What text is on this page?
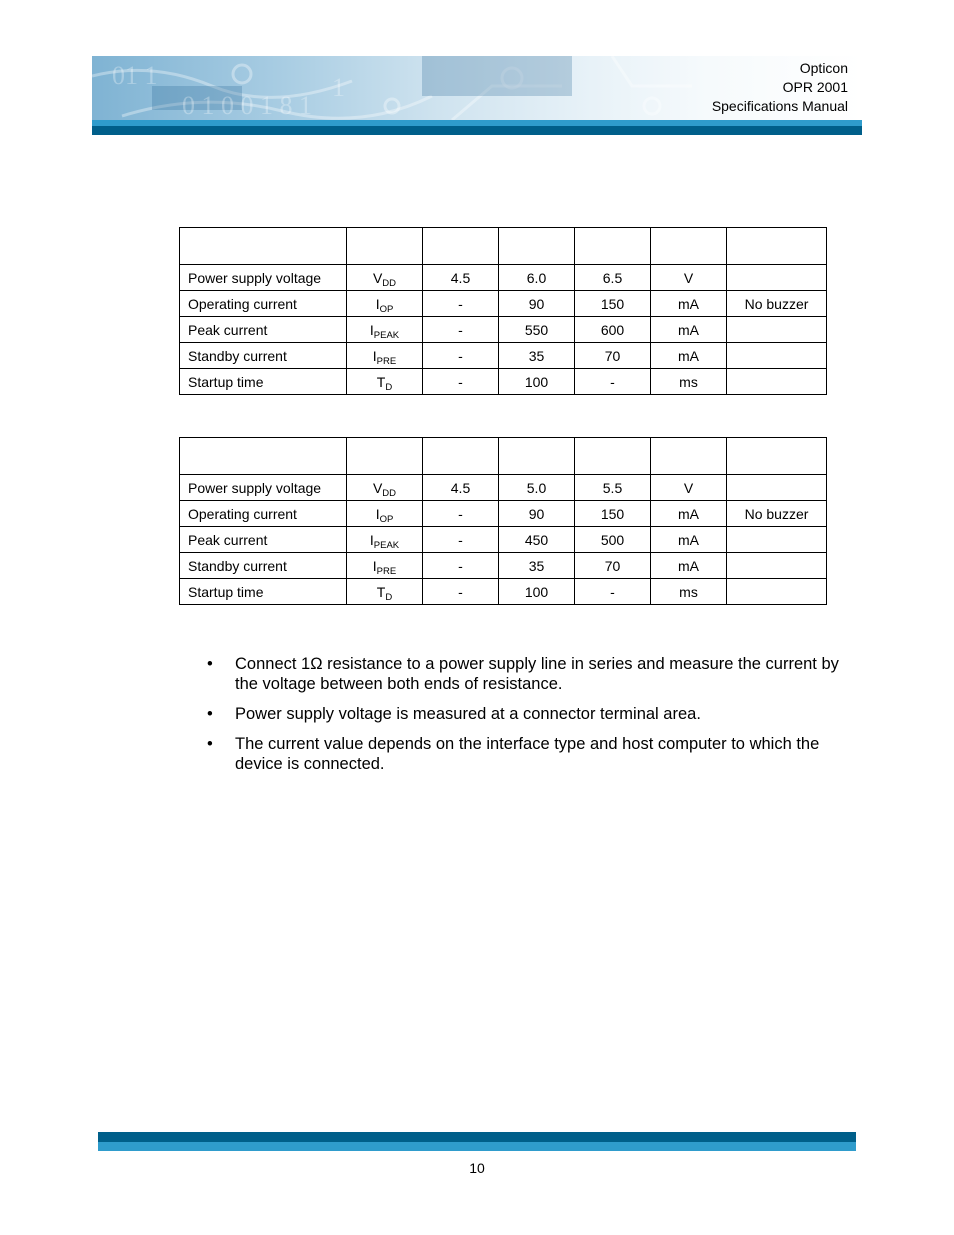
01 1
0 1 0 0 1 8 1
1
Opticon
OPR 2001
Specifications Manual

Power supply voltage	$V_{DD}$	4.5	6.0	6.5	V	
Operating current	$I_{OP}$	-	90	150	mA	No buzzer
Peak current	$I_{PEAK}$	-	550	600	mA	
Standby current	$I_{PRE}$	-	35	70	mA	
Startup time	$T_D$	-	100	-	ms	

Power supply voltage	$V_{DD}$	4.5	5.0	5.5	V	
Operating current	$I_{OP}$	-	90	150	mA	No buzzer
Peak current	$I_{PEAK}$	-	450	500	mA	
Standby current	$I_{PRE}$	-	35	70	mA	
Startup time	$T_D$	-	100	-	ms	
• Connect 1Ω resistance to a power supply line in series and measure the current by the voltage between both ends of resistance.
• Power supply voltage is measured at a connector terminal area.
• The current value depends on the interface type and host computer to which the device is connected.
10
